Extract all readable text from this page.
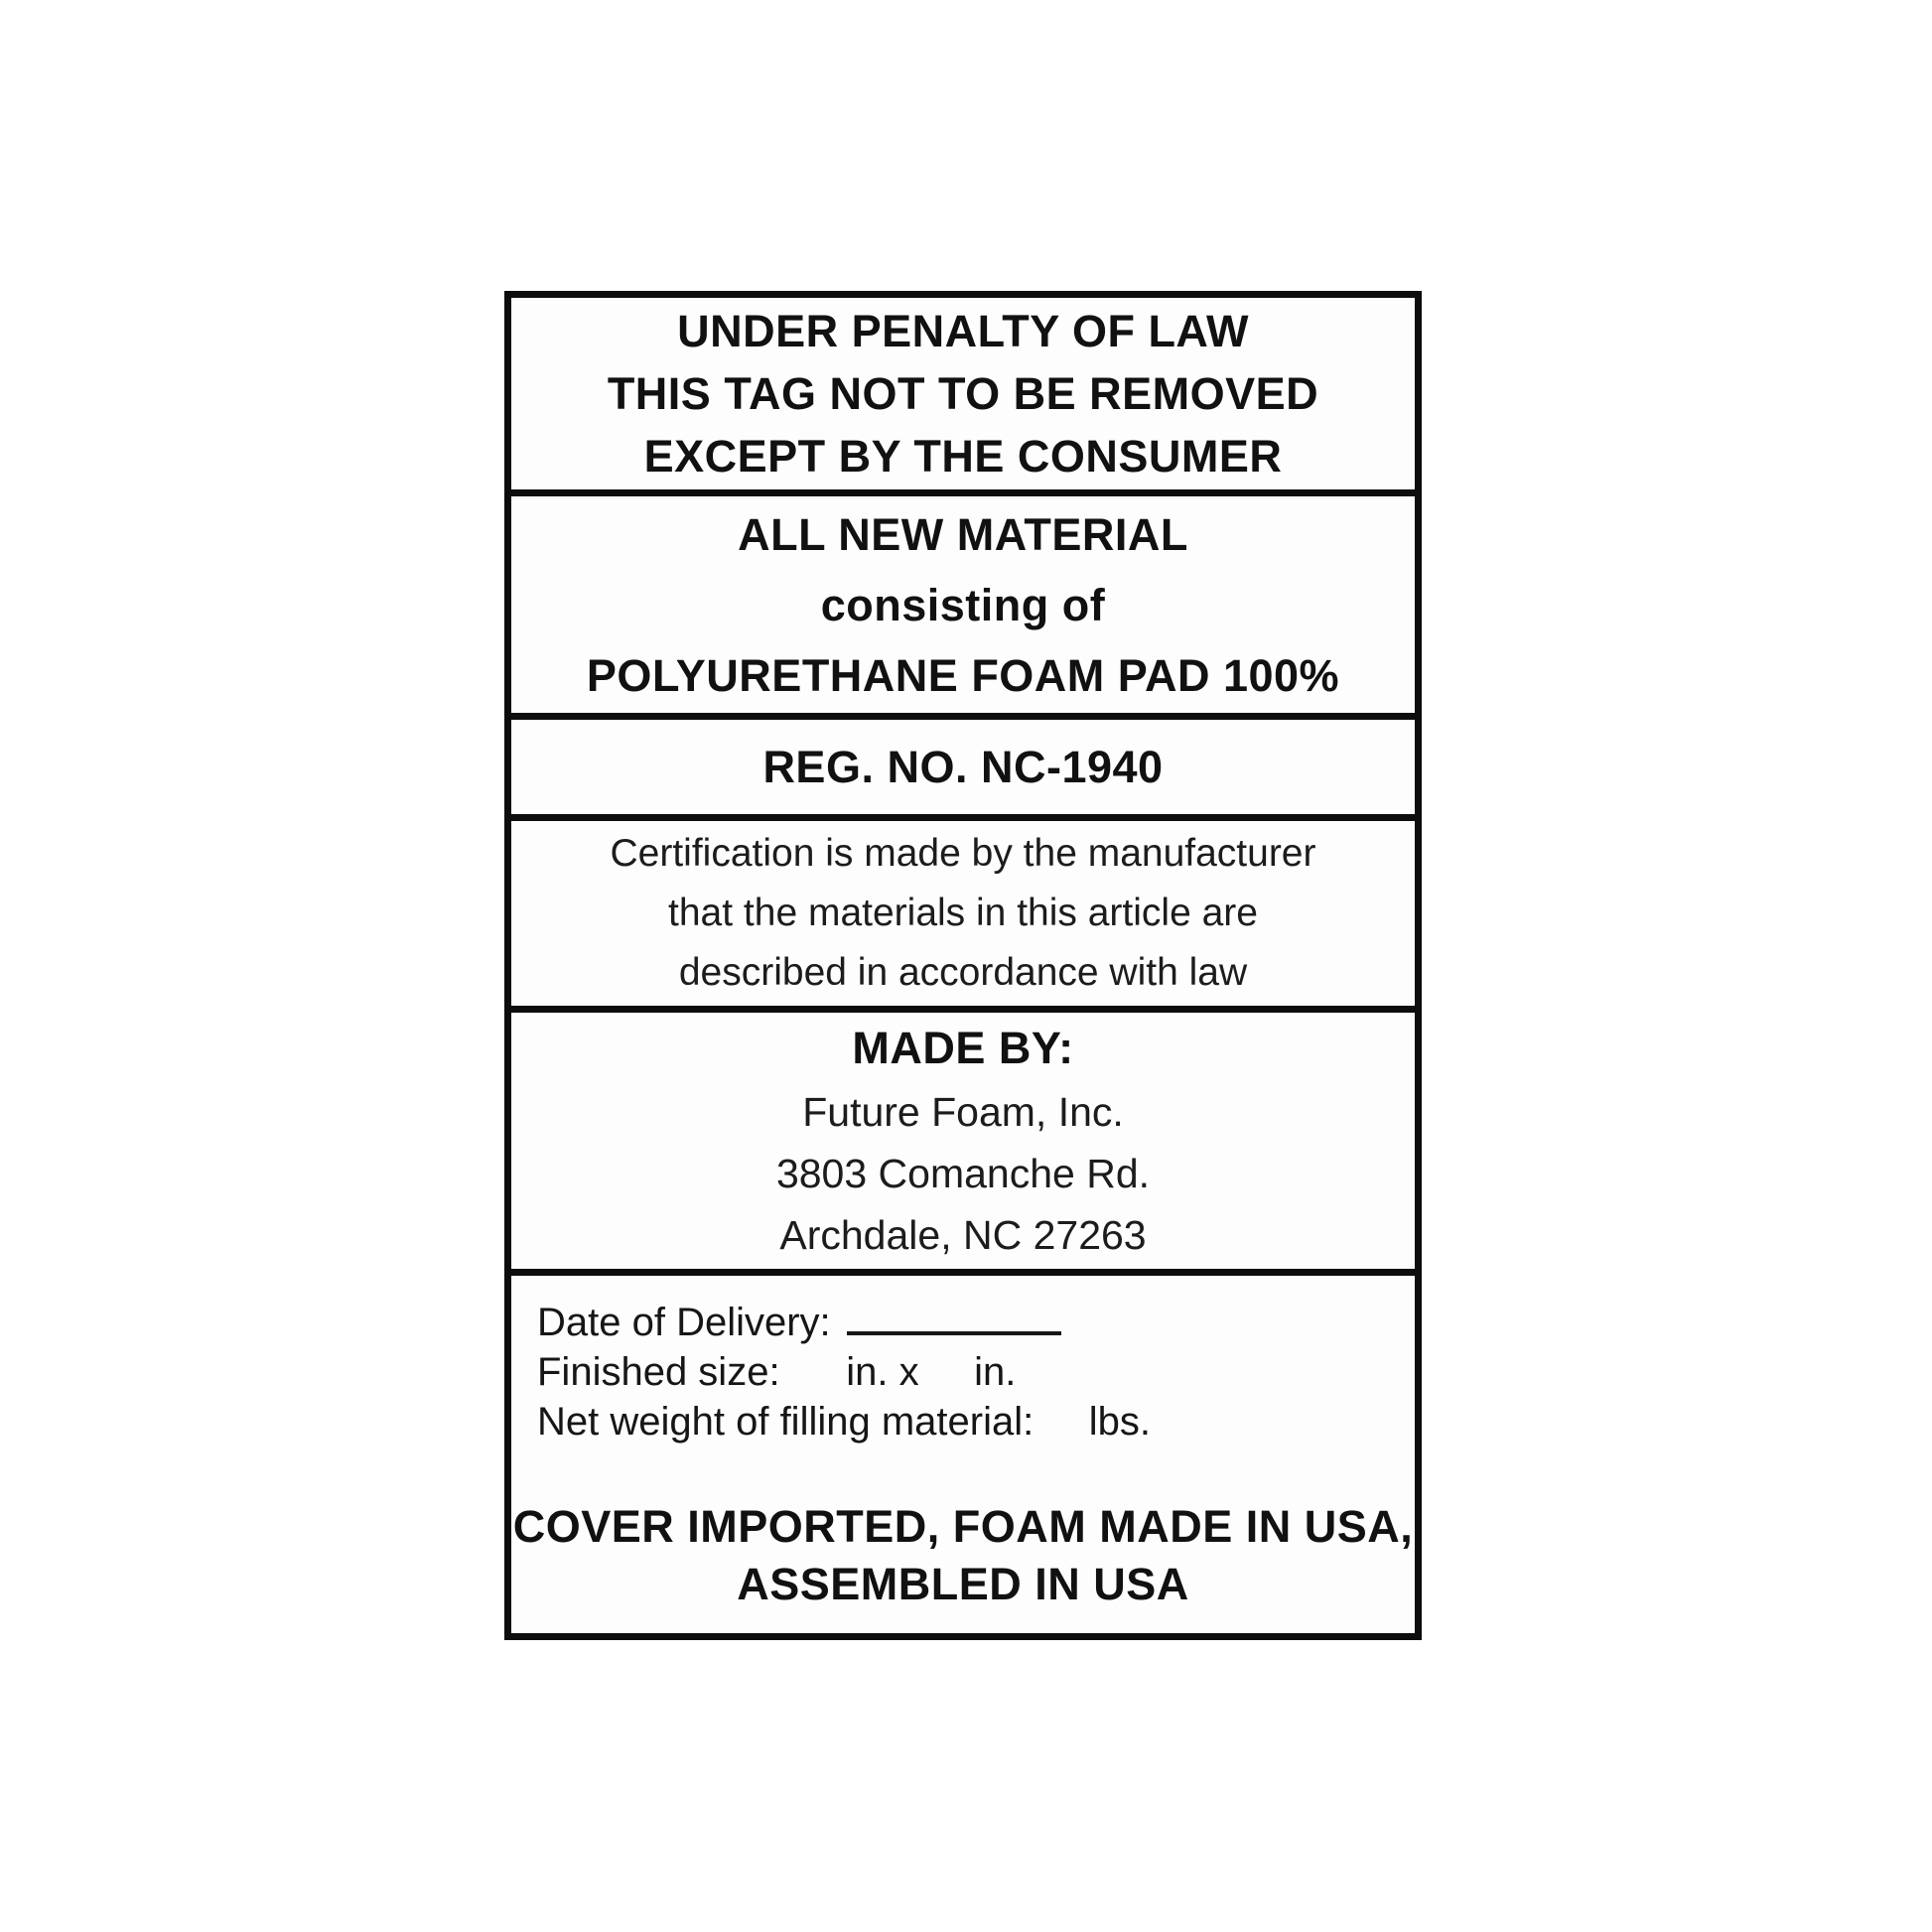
UNDER PENALTY OF LAW
THIS TAG NOT TO BE REMOVED
EXCEPT BY THE CONSUMER
ALL NEW MATERIAL
consisting of
POLYURETHANE FOAM PAD 100%
REG. NO. NC-1940
Certification is made by the manufacturer
that the materials in this article are
described in accordance with law
MADE BY:
Future Foam, Inc.
3803 Comanche Rd.
Archdale, NC 27263
Date of Delivery:
Finished size:      in. x     in.
Net weight of filling material:     lbs.
COVER IMPORTED, FOAM MADE IN USA,
ASSEMBLED IN USA
